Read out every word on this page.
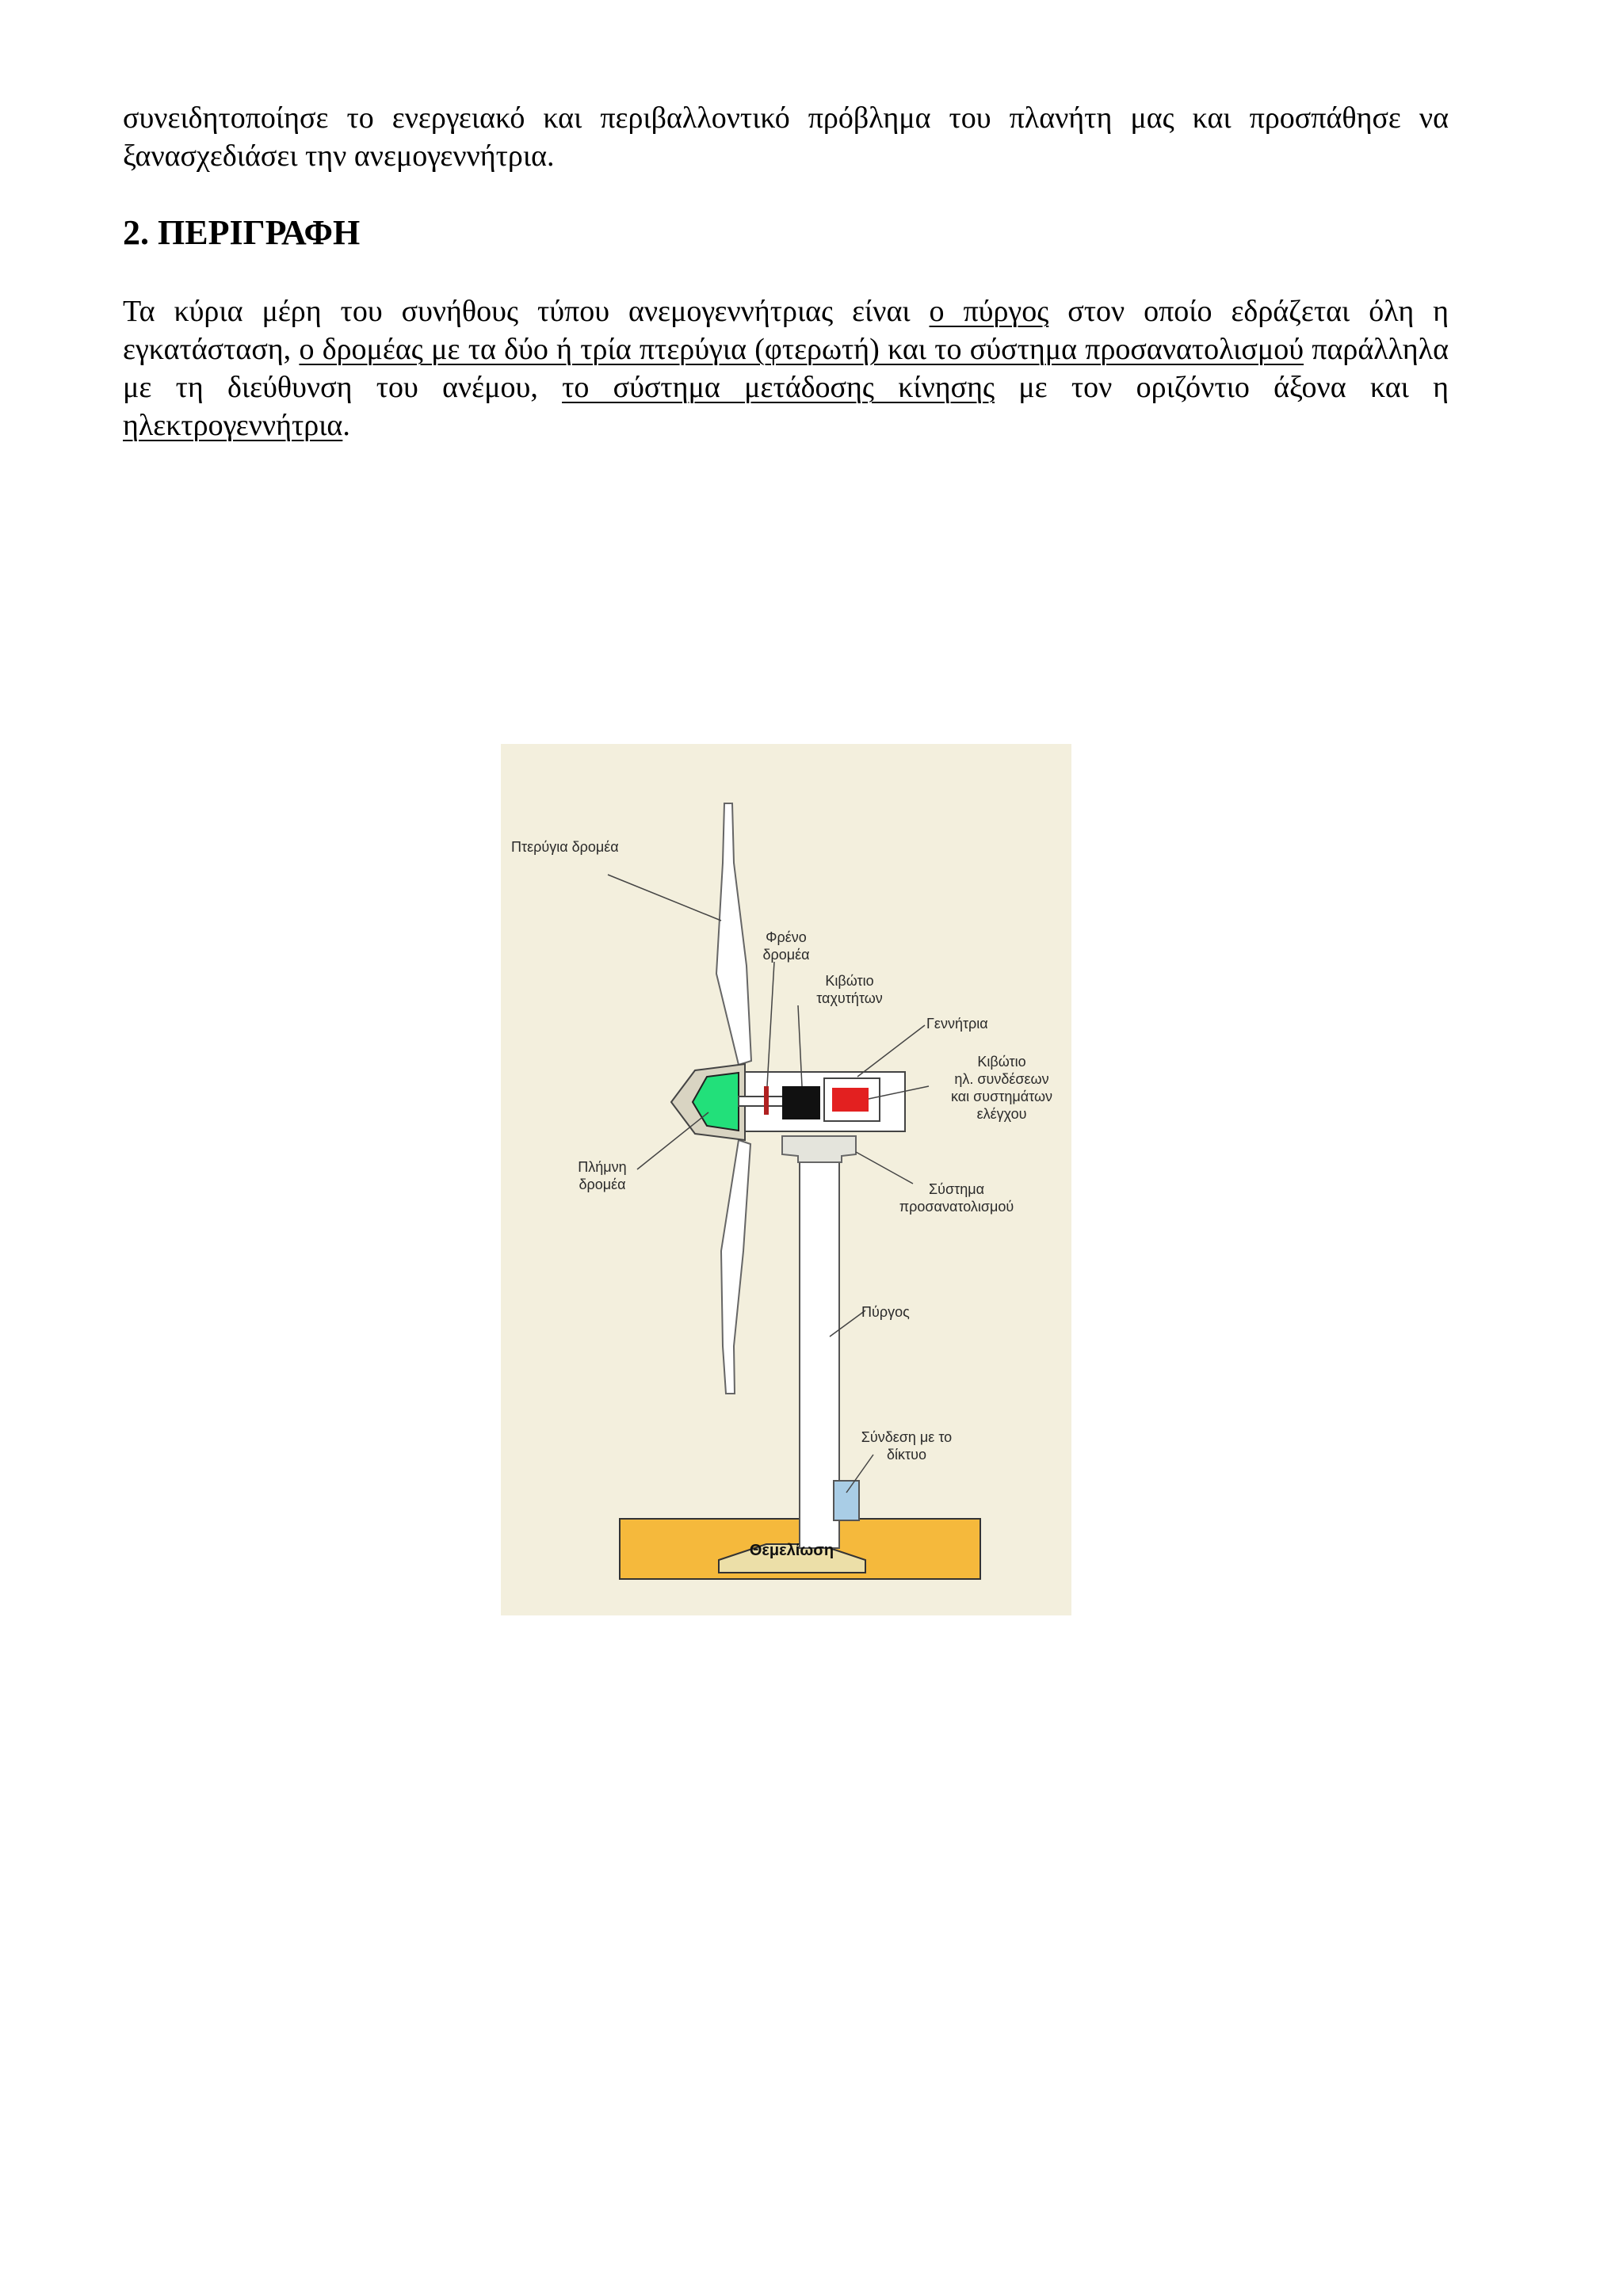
συνειδητοποίησε το ενεργειακό και περιβαλλοντικό πρόβλημα του πλανήτη μας και προσπάθησε να ξανασχεδιάσει την ανεμογεννήτρια.

2. ΠΕΡΙΓΡΑΦΗ

Τα κύρια μέρη του συνήθους τύπου ανεμογεννήτριας είναι ο πύργος στον οποίο εδράζεται όλη η εγκατάσταση, ο δρομέας με τα δύο ή τρία πτερύγια (φτερωτή) και το σύστημα προσανατολισμού παράλληλα με τη διεύθυνση του ανέμου, το σύστημα μετάδοσης κίνησης με τον οριζόντιο άξονα και η ηλεκτρογεννήτρια.

Πτερύγια δρομέα
Φρένο
δρομέα
Κιβώτιο
ταχυτήτων
Γεννήτρια
Κιβώτιο
ηλ. συνδέσεων
και συστημάτων
ελέγχου
Πλήμνη
δρομέα	Σύστημα
προσανατολισμού
Πύργος
Σύνδεση με το
δίκτυο
Θεμελίωση
